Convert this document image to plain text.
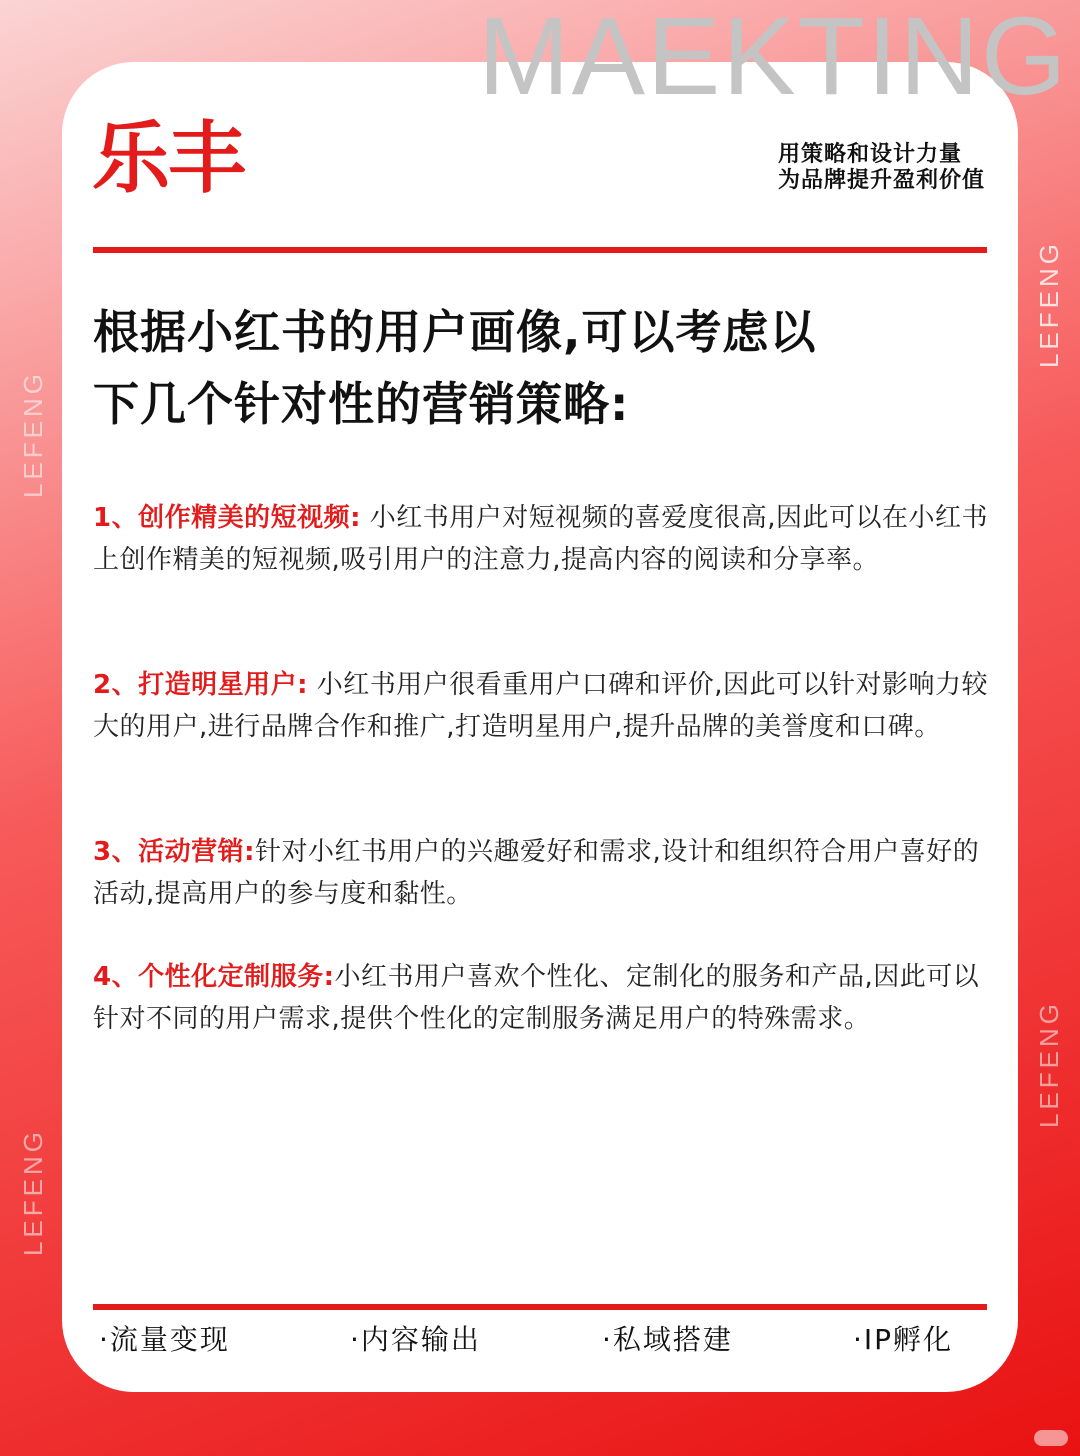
LEFENG
LEFENG
LEFENG
LEFENG
MAEKTING
乐丰	用策略和设计力量
为品牌提升盈利价值
根据小红书的用户画像,可以考虑以
下几个针对性的营销策略:
1、创作精美的短视频: 小红书用户对短视频的喜爱度很高,因此可以在小红书上创作精美的短视频,吸引用户的注意力,提高内容的阅读和分享率。
2、打造明星用户: 小红书用户很看重用户口碑和评价,因此可以针对影响力较大的用户,进行品牌合作和推广,打造明星用户,提升品牌的美誉度和口碑。
3、活动营销:针对小红书用户的兴趣爱好和需求,设计和组织符合用户喜好的活动,提高用户的参与度和黏性。
4、个性化定制服务:小红书用户喜欢个性化、定制化的服务和产品,因此可以针对不同的用户需求,提供个性化的定制服务满足用户的特殊需求。
·流量变现	·内容输出	·私域搭建	·IP孵化
